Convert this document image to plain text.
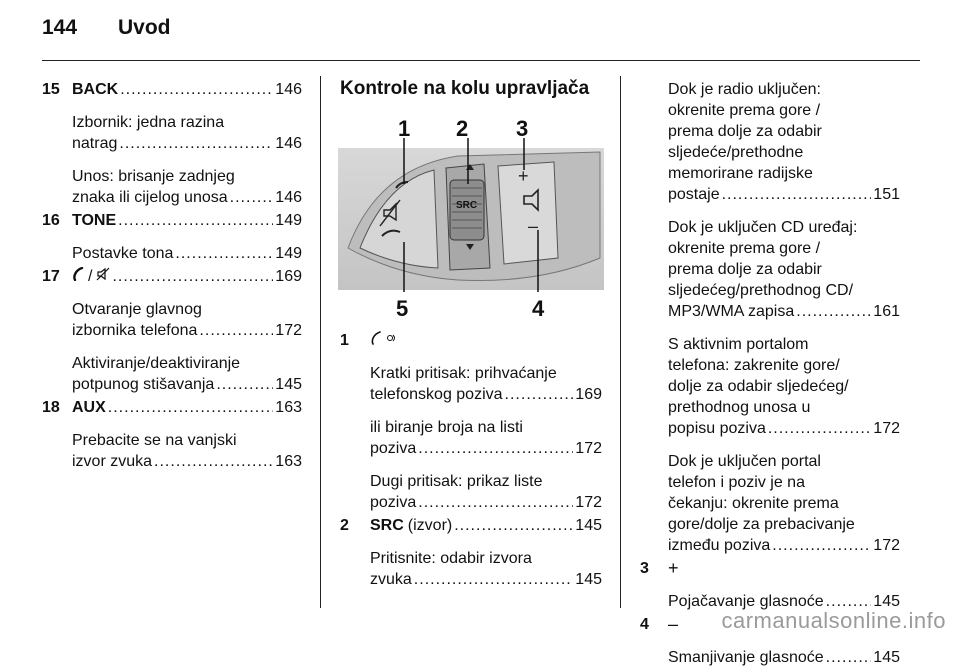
144 Uvod
15 BACK .....	146
Izbornik: jedna razina
natrag .....	146
Unos: brisanje zadnjeg
znaka ili cijelog unosa .....	146
16 TONE .....	149
Postavke tona .....	149
17 / .....	169
Otvaranje glavnog
izbornika telefona .....	172
Aktiviranje/deaktiviranje
potpunog stišavanja .....	145
18 AUX .....	163
Prebacite se na vanjski
izvor zvuka .....	163
Kontrole na kolu upravljača
SRC
+
–
1 2 3
4
5
1
Kratki pritisak: prihvaćanje
telefonskog poziva .....	169
ili biranje broja na listi
poziva .....	172
Dugi pritisak: prikaz liste
poziva .....	172
2 SRC (izvor) .....	145
Pritisnite: odabir izvora
zvuka .....	145
Dok je radio uključen:
okrenite prema gore /
prema dolje za odabir
sljedeće/prethodne
memorirane radijske
postaje .....	151
Dok je uključen CD uređaj:
okrenite prema gore /
prema dolje za odabir
sljedećeg/prethodnog CD/
MP3/WMA zapisa .....	161
S aktivnim portalom
telefona: zakrenite gore/
dolje za odabir sljedećeg/
prethodnog unosa u
popisu poziva .....	172
Dok je uključen portal
telefon i poziv je na
čekanju: okrenite prema
gore/dolje za prebacivanje
između poziva .....	172
3 +
Pojačavanje glasnoće .....	145
4 –
Smanjivanje glasnoće .....	145
carmanualsonline.info
